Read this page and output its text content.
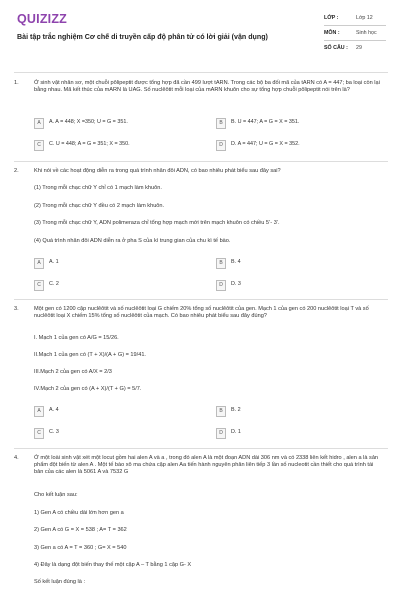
QUIZIZZ
Bài tập trắc nghiệm Cơ chế di truyền cấp độ phân tử có lời giải (vận dụng)
LỚP :	Lớp 12
MÔN :	Sinh học
SỐ CÂU :	29
1.	Ở sinh vật nhân sơ, một chuỗi pôlipeptit được tổng hợp đã cần 499 lượt tARN. Trong các bộ ba đối mã của tARN có A = 447; ba loại còn lại bằng nhau. Mã kết thúc của mARN là UAG. Số nuclêôtit mỗi loại của mARN khuôn cho sự tổng hợp chuỗi pôlipeptit nói trên là?
A	A. A = 448; X =350; U = G = 351.	B	B. U = 447; A = G = X = 351.
C	C. U = 448; A = G = 351; X = 350.	D	D. A = 447; U = G = X = 352.
2.	Khi nói về các hoạt động diễn ra trong quá trình nhân đôi ADN, có bao nhiêu phát biểu sau đây sai?
(1) Trong mỗi chạc chữ Y chỉ có 1 mạch làm khuôn.
(2) Trong mỗi chạc chữ Y đều có 2 mạch làm khuôn.
(3) Trong mỗi chạc chữ Y, ADN polimeraza chỉ tổng hợp mạch mới trên mạch khuôn có chiều 5’- 3’.
(4) Quá trình nhân đôi ADN diễn ra ở pha S của kì trung gian của chu kì tế bào.
A	A. 1	B	B. 4
C	C. 2	D	D. 3
3.	Một gen có 1200 cặp nuclêôtit và số nuclêôtit loại G chiếm 20% tổng số nuclêôtit của gen. Mạch 1 của gen có 200 nuclêôtit loại T và số nuclêôtit loại X chiếm 15% tổng số nuclêôtit của mạch. Có bao nhiêu phát biểu sau đây đúng?
I. Mạch 1 của gen có A/G = 15/26.
II.Mạch 1 của gen có (T + X)/(A + G) = 19/41.
III.Mạch 2 của gen có A/X = 2/3
IV.Mạch 2 của gen có (A + X)/(T + G) = 5/7.
A	A. 4	B	B. 2
C	C. 3	D	D. 1
4.	Ở một loài sinh vật xét một locut gồm hai alen A và a , trong đó alen A là một đoạn ADN dài 306 nm và có 2338 liên kết hidro , alen a là sản phẩm đột biến từ alen A . Một tế bào xô ma chứa cặp alen Aa tiến hành nguyên phân liên tiếp 3 lần số nucleotit cần thiết cho quá trình tái bản của các alen là 5061 A và 7532 G
Cho kết luận sau:
1) Gen A có chiều dài lớn hơn gen a
2) Gen A có G = X = 538 ; A= T = 362
3) Gen a có A = T = 360 ; G= X = 540
4) Đây là dạng đột biến thay thế một cặp A – T bằng 1 cặp G- X
Số kết luận đúng là :
